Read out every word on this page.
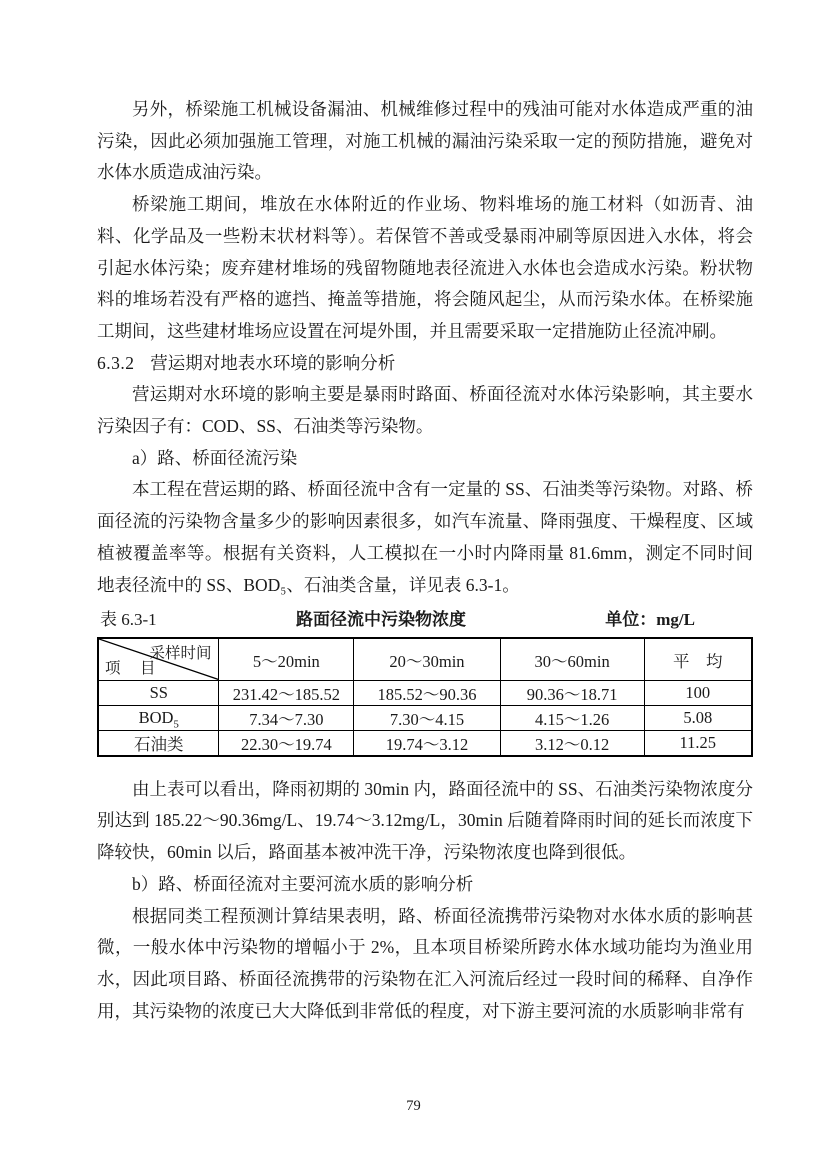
另外，桥梁施工机械设备漏油、机械维修过程中的残油可能对水体造成严重的油污染，因此必须加强施工管理，对施工机械的漏油污染采取一定的预防措施，避免对水体水质造成油污染。

桥梁施工期间，堆放在水体附近的作业场、物料堆场的施工材料（如沥青、油料、化学品及一些粉末状材料等）。若保管不善或受暴雨冲刷等原因进入水体，将会引起水体污染；废弃建材堆场的残留物随地表径流进入水体也会造成水污染。粉状物料的堆场若没有严格的遮挡、掩盖等措施，将会随风起尘，从而污染水体。在桥梁施工期间，这些建材堆场应设置在河堤外围，并且需要采取一定措施防止径流冲刷。

6.3.2 营运期对地表水环境的影响分析

营运期对水环境的影响主要是暴雨时路面、桥面径流对水体污染影响，其主要水污染因子有：COD、SS、石油类等污染物。

a）路、桥面径流污染

本工程在营运期的路、桥面径流中含有一定量的 SS、石油类等污染物。对路、桥面径流的污染物含量多少的影响因素很多，如汽车流量、降雨强度、干燥程度、区域植被覆盖率等。根据有关资料，人工模拟在一小时内降雨量 81.6mm，测定不同时间地表径流中的 SS、BOD₅、石油类含量，详见表 6.3-1。

表 6.3-1	路面径流中污染物浓度	单位：mg/L
采样时间
项　目	5～20min	20～30min	30～60min	平　均
SS	231.42～185.52	185.52～90.36	90.36～18.71	100
$BOD_5$	7.34～7.30	7.30～4.15	4.15～1.26	5.08
石油类	22.30～19.74	19.74～3.12	3.12～0.12	11.25

由上表可以看出，降雨初期的 30min 内，路面径流中的 SS、石油类污染物浓度分别达到 185.22～90.36mg/L、19.74～3.12mg/L，30min 后随着降雨时间的延长而浓度下降较快，60min 以后，路面基本被冲洗干净，污染物浓度也降到很低。

b）路、桥面径流对主要河流水质的影响分析

根据同类工程预测计算结果表明，路、桥面径流携带污染物对水体水质的影响甚微，一般水体中污染物的增幅小于 2%，且本项目桥梁所跨水体水域功能均为渔业用水，因此项目路、桥面径流携带的污染物在汇入河流后经过一段时间的稀释、自净作用，其污染物的浓度已大大降低到非常低的程度，对下游主要河流的水质影响非常有

79
